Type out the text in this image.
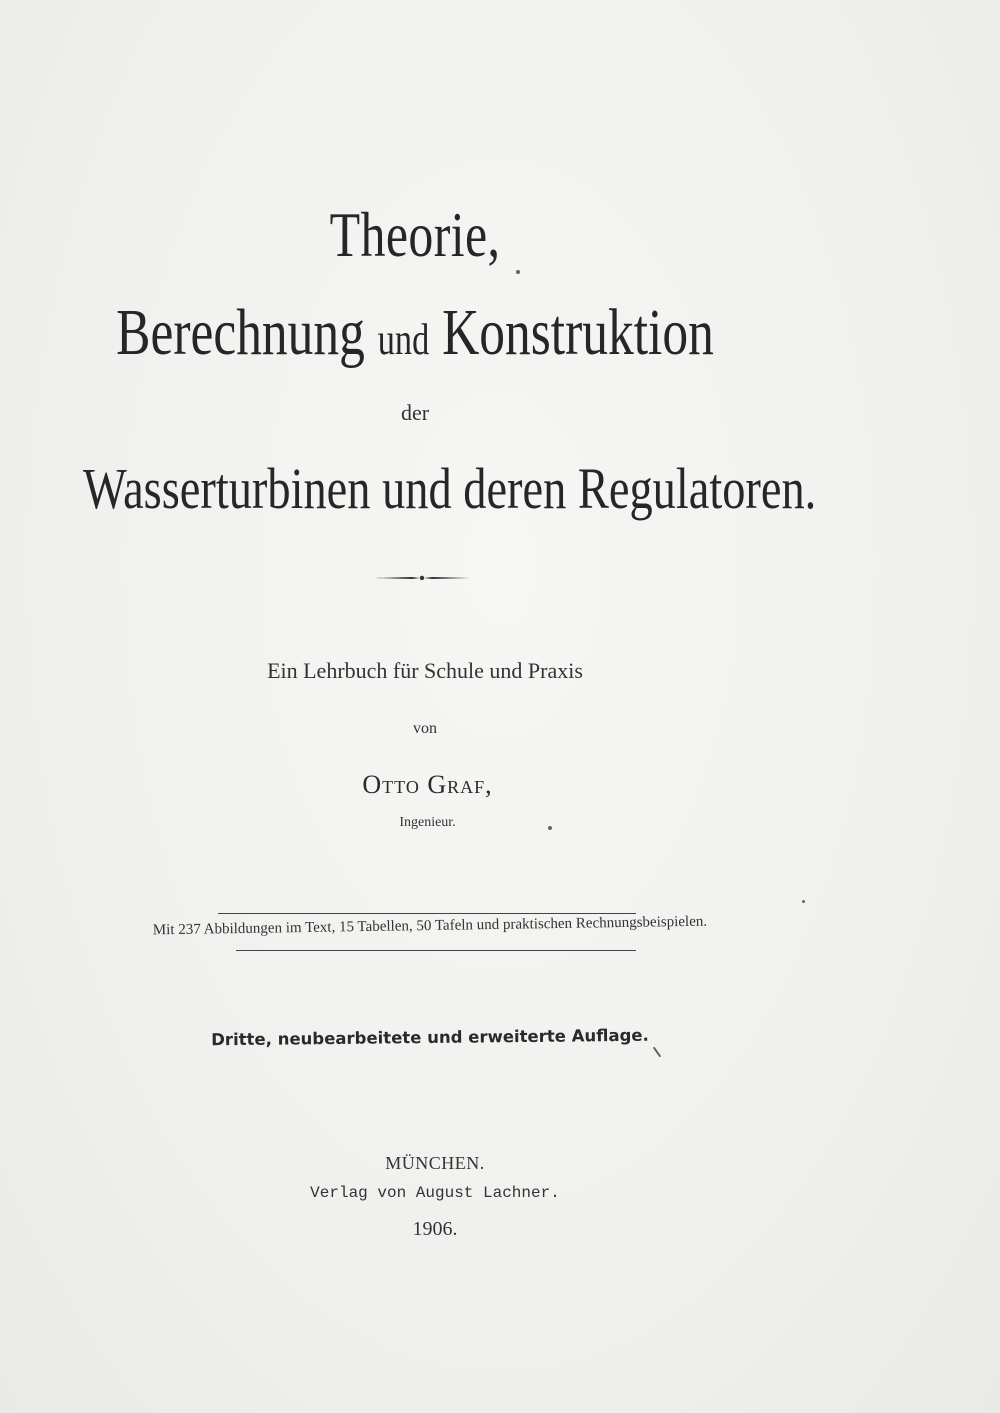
Theorie,
Berechnung und Konstruktion
der
Wasserturbinen und deren Regulatoren.
Ein Lehrbuch für Schule und Praxis
von
Otto Graf,
Ingenieur.
Mit 237 Abbildungen im Text, 15 Tabellen, 50 Tafeln und praktischen Rechnungsbeispielen.
Dritte, neubearbeitete und erweiterte Auflage.
MÜNCHEN.
Verlag von August Lachner.
1906.
